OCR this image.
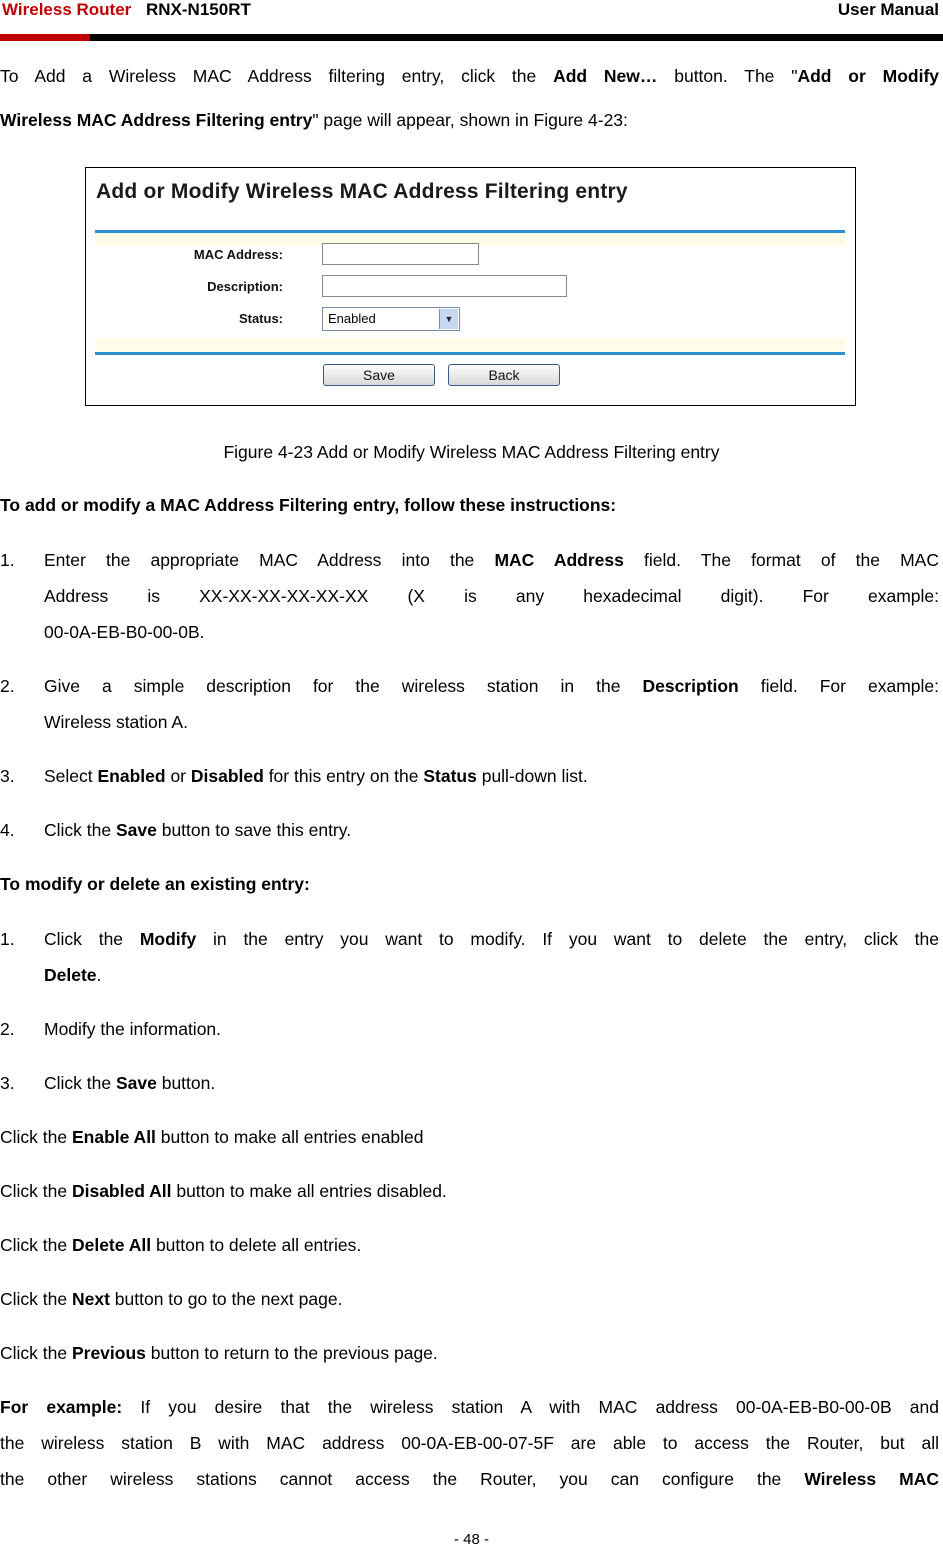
Wireless Router RNX-N150RT	User Manual
To Add a Wireless MAC Address filtering entry, click the Add New… button. The "Add or Modify
Wireless MAC Address Filtering entry" page will appear, shown in Figure 4-23:
Add or Modify Wireless MAC Address Filtering entry
MAC Address:
Description:
Status:	Enabled	▼
Save	Back
Figure 4-23 Add or Modify Wireless MAC Address Filtering entry
To add or modify a MAC Address Filtering entry, follow these instructions:
1. Enter the appropriate MAC Address into the MAC Address field. The format of the MAC
Address is XX-XX-XX-XX-XX-XX (X is any hexadecimal digit). For example:
00-0A-EB-B0-00-0B.
2. Give a simple description for the wireless station in the Description field. For example:
Wireless station A.
3. Select Enabled or Disabled for this entry on the Status pull-down list.
4. Click the Save button to save this entry.
To modify or delete an existing entry:
1. Click the Modify in the entry you want to modify. If you want to delete the entry, click the
Delete.
2. Modify the information.
3. Click the Save button.
Click the Enable All button to make all entries enabled
Click the Disabled All button to make all entries disabled.
Click the Delete All button to delete all entries.
Click the Next button to go to the next page.
Click the Previous button to return to the previous page.
For example: If you desire that the wireless station A with MAC address 00-0A-EB-B0-00-0B and
the wireless station B with MAC address 00-0A-EB-00-07-5F are able to access the Router, but all
the other wireless stations cannot access the Router, you can configure the Wireless MAC
- 48 -
